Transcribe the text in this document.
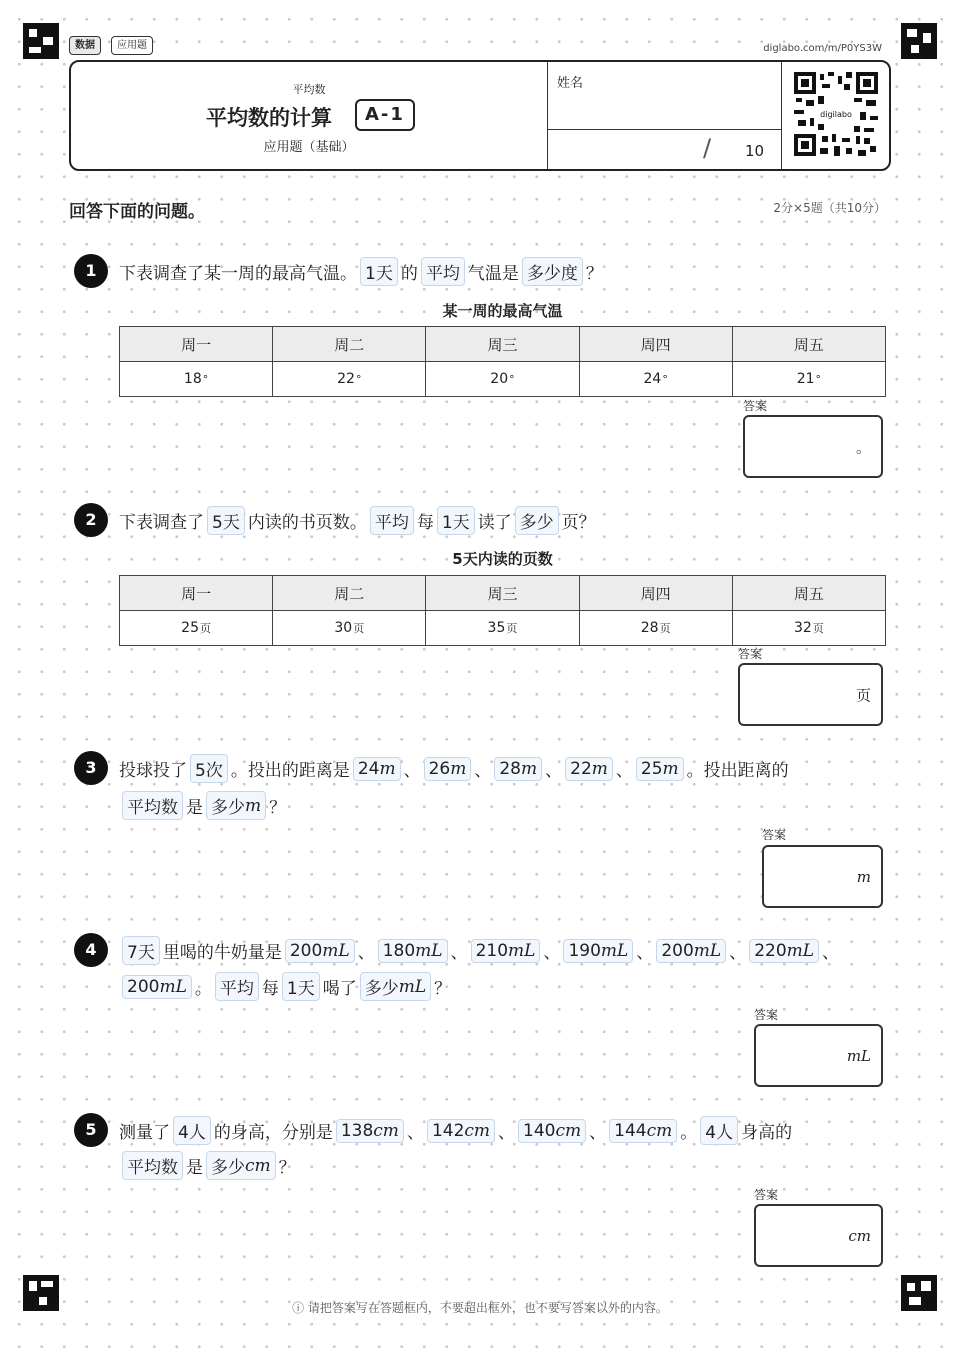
数据	应用题	diglabo.com/m/P0YS3W
平均数
平均数的计算	A-1
应用题（基础）
姓名
/ 10
digilabo
回答下面的问题。	2分×5题（共10分）
1	下表调查了某一周的最高气温。 1天 的 平均 气温是 多少度 ？
某一周的最高气温
周一	周二	周三	周四	周五
18°	22°	20°	24°	21°
答案
。
2	下表调查了 5天 内读的书页数。 平均 每 1天 读了 多少 页？
5天内读的页数
周一	周二	周三	周四	周五
25页	30页	35页	28页	32页
答案
页
3	投球投了 5次 。投出的距离是 24m 、 26m 、 28m 、 22m 、 25m 。投出距离的
平均数 是 多少m ？
答案
m
4	7天 里喝的牛奶量是 200mL 、 180mL 、 210mL 、 190mL 、 200mL 、 220mL 、
200mL 。 平均 每 1天 喝了 多少mL ？
答案
mL
5	测量了 4人 的身高，分别是 138cm 、 142cm 、 140cm 、 144cm 。 4人 身高的
平均数 是 多少cm ？
答案
cm
ⓘ 请把答案写在答题框内，不要超出框外，也不要写答案以外的内容。
